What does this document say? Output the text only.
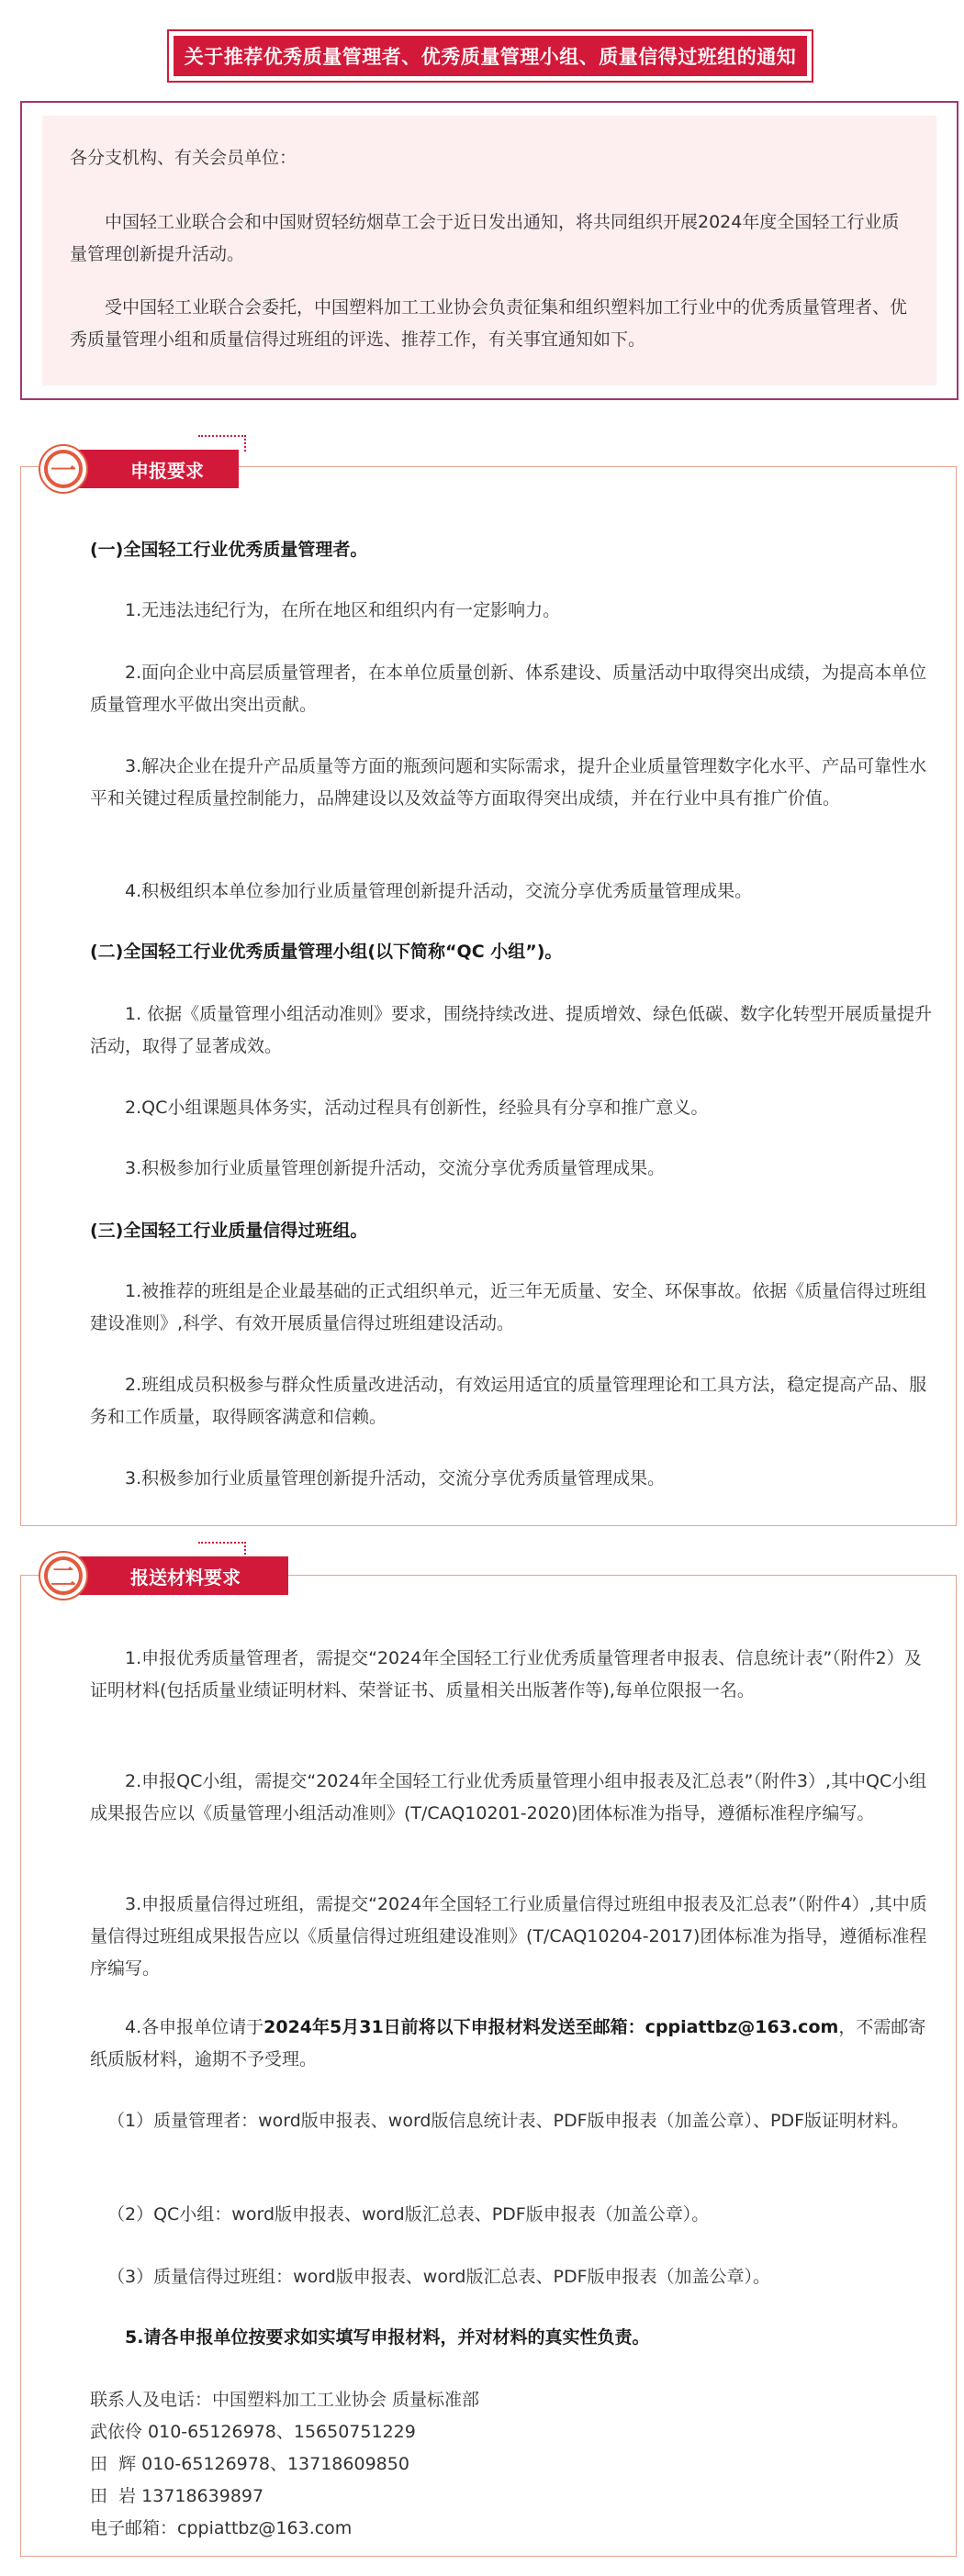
关于推荐优秀质量管理者、优秀质量管理小组、质量信得过班组的通知

各分支机构、有关会员单位：

中国轻工业联合会和中国财贸轻纺烟草工会于近日发出通知，将共同组织开展2024年度全国轻工行业质量管理创新提升活动。

受中国轻工业联合会委托，中国塑料加工工业协会负责征集和组织塑料加工行业中的优秀质量管理者、优秀质量管理小组和质量信得过班组的评选、推荐工作，有关事宜通知如下。

申报要求
一

(一)全国轻工行业优秀质量管理者。

1.无违法违纪行为，在所在地区和组织内有一定影响力。

2.面向企业中高层质量管理者，在本单位质量创新、体系建设、质量活动中取得突出成绩，为提高本单位质量管理水平做出突出贡献。

3.解决企业在提升产品质量等方面的瓶颈问题和实际需求，提升企业质量管理数字化水平、产品可靠性水平和关键过程质量控制能力，品牌建设以及效益等方面取得突出成绩，并在行业中具有推广价值。

4.积极组织本单位参加行业质量管理创新提升活动，交流分享优秀质量管理成果。

(二)全国轻工行业优秀质量管理小组(以下简称“QC 小组”)。

1. 依据《质量管理小组活动准则》要求，围绕持续改进、提质增效、绿色低碳、数字化转型开展质量提升活动，取得了显著成效。

2.QC小组课题具体务实，活动过程具有创新性，经验具有分享和推广意义。

3.积极参加行业质量管理创新提升活动，交流分享优秀质量管理成果。

(三)全国轻工行业质量信得过班组。

1.被推荐的班组是企业最基础的正式组织单元，近三年无质量、安全、环保事故。依据《质量信得过班组建设准则》,科学、有效开展质量信得过班组建设活动。

2.班组成员积极参与群众性质量改进活动，有效运用适宜的质量管理理论和工具方法，稳定提高产品、服务和工作质量，取得顾客满意和信赖。

3.积极参加行业质量管理创新提升活动，交流分享优秀质量管理成果。

报送材料要求
二

1.申报优秀质量管理者，需提交“2024年全国轻工行业优秀质量管理者申报表、信息统计表”（附件2）及证明材料(包括质量业绩证明材料、荣誉证书、质量相关出版著作等),每单位限报一名。

2.申报QC小组，需提交“2024年全国轻工行业优秀质量管理小组申报表及汇总表”（附件3）,其中QC小组成果报告应以《质量管理小组活动准则》(T/CAQ10201-2020)团体标准为指导，遵循标准程序编写。

3.申报质量信得过班组，需提交“2024年全国轻工行业质量信得过班组申报表及汇总表”（附件4）,其中质量信得过班组成果报告应以《质量信得过班组建设准则》(T/CAQ10204-2017)团体标准为指导，遵循标准程序编写。

4.各申报单位请于2024年5月31日前将以下申报材料发送至邮箱：cppiattbz@163.com，不需邮寄纸质版材料，逾期不予受理。

（1）质量管理者：word版申报表、word版信息统计表、PDF版申报表（加盖公章）、PDF版证明材料。

（2）QC小组：word版申报表、word版汇总表、PDF版申报表（加盖公章）。

（3）质量信得过班组：word版申报表、word版汇总表、PDF版申报表（加盖公章）。

5.请各申报单位按要求如实填写申报材料，并对材料的真实性负责。

联系人及电话：中国塑料加工工业协会 质量标准部

武依伶 010-65126978、15650751229

田  辉 010-65126978、13718609850

田  岩 13718639897

电子邮箱：cppiattbz@163.com
